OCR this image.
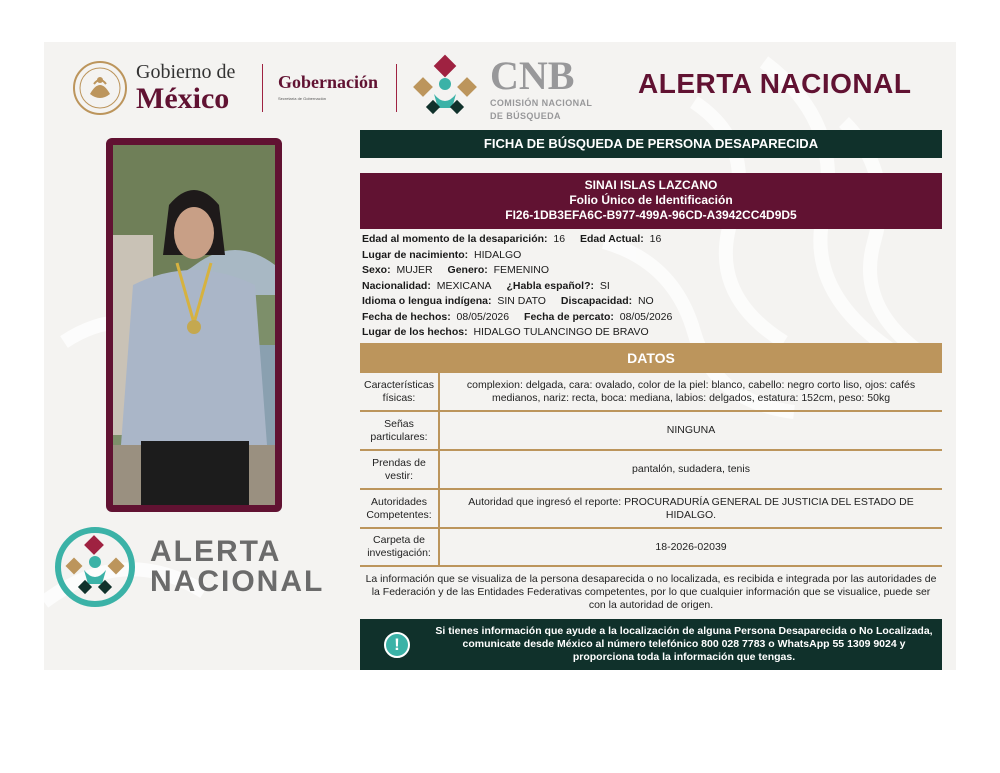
Gobierno de
México	Gobernación
Secretaría de Gobernación
CNB
COMISIÓN NACIONAL
DE BÚSQUEDA
ALERTA NACIONAL
ALERTA
NACIONAL
FICHA DE BÚSQUEDA DE PERSONA DESAPARECIDA
SINAI ISLAS LAZCANO
Folio Único de Identificación
FI26-1DB3EFA6C-B977-499A-96CD-A3942CC4D9D5
Edad al momento de la desaparición: 16 Edad Actual: 16
Lugar de nacimiento: HIDALGO
Sexo: MUJER Genero: FEMENINO
Nacionalidad: MEXICANA ¿Habla español?: SI
Idioma o lengua indígena: SIN DATO Discapacidad: NO
Fecha de hechos: 08/05/2026 Fecha de percato: 08/05/2026
Lugar de los hechos: HIDALGO TULANCINGO DE BRAVO
DATOS
Características físicas:	complexion: delgada, cara: ovalado, color de la piel: blanco, cabello: negro corto liso, ojos: cafés medianos, nariz: recta, boca: mediana, labios: delgados, estatura: 152cm, peso: 50kg
Señas particulares:	NINGUNA
Prendas de vestir:	pantalón, sudadera, tenis
Autoridades Competentes:	Autoridad que ingresó el reporte: PROCURADURÍA GENERAL DE JUSTICIA DEL ESTADO DE HIDALGO.
Carpeta de investigación:	18-2026-02039
La información que se visualiza de la persona desaparecida o no localizada, es recibida e integrada por las autoridades de la Federación y de las Entidades Federativas competentes, por lo que cualquier información que se visualice, puede ser con la autoridad de origen.
!
Si tienes información que ayude a la localización de alguna Persona Desaparecida o No Localizada, comunicate desde México al número telefónico 800 028 7783 o WhatsApp 55 1309 9024 y proporciona toda la información que tengas.
